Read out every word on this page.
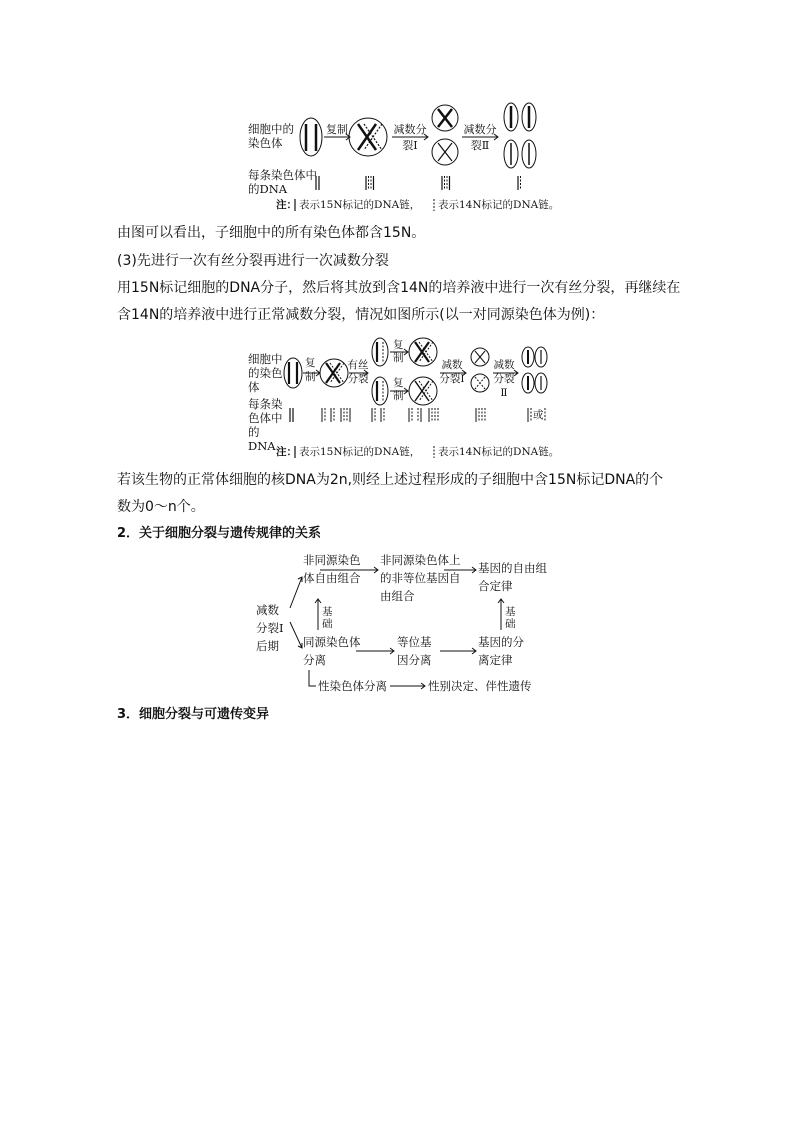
细胞中的染色体
每条染色体中的DNA
复制	减数分裂Ⅰ
减数分裂Ⅱ
注： 表示15N标记的DNA链， 表示14N标记的DNA链。
由图可以看出，子细胞中的所有染色体都含15N。
(3)先进行一次有丝分裂再进行一次减数分裂
用15N标记细胞的DNA分子，然后将其放到含14N的培养液中进行一次有丝分裂，再继续在
含14N的培养液中进行正常减数分裂，情况如图所示(以一对同源染色体为例)：
细胞中的染色体
每条染色体中的DNA
复制
有丝分裂
复制
复制
减数分裂Ⅰ
减数分裂Ⅱ
或
注： 表示15N标记的DNA链， 表示14N标记的DNA链。
若该生物的正常体细胞的核DNA为2n,则经上述过程形成的子细胞中含15N标记DNA的个
数为0～n个。
2．关于细胞分裂与遗传规律的关系
减数分裂Ⅰ后期
非同源染色体自由组合
非同源染色体上的非等位基因自由组合
基因的自由组合定律
同源染色体分离
等位基因分离
基因的分离定律
基础
基础
性染色体分离	性别决定、伴性遗传
3．细胞分裂与可遗传变异
